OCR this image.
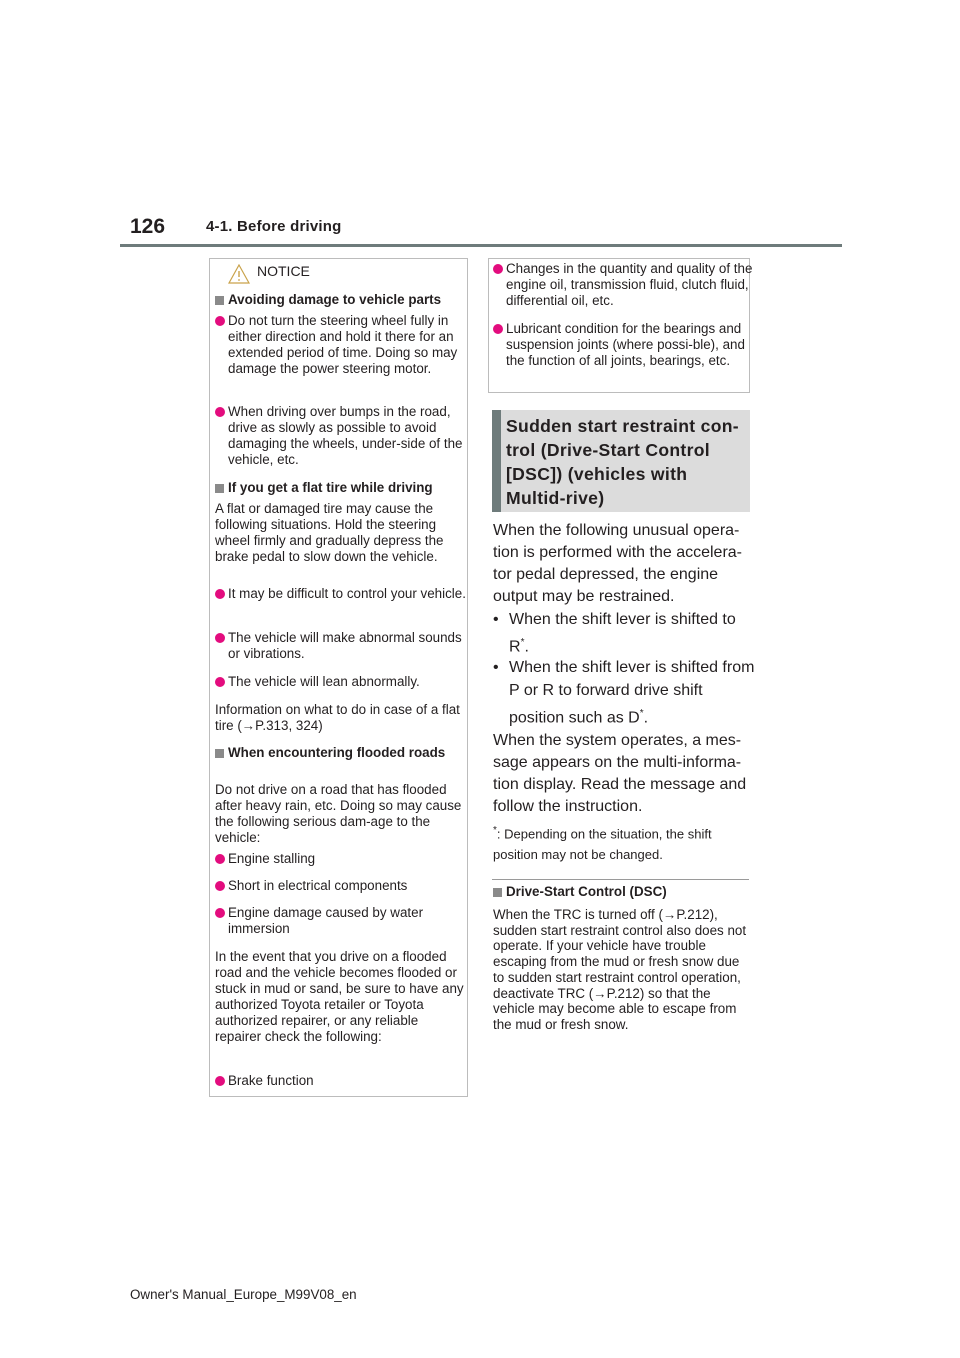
126	4-1. Before driving
NOTICE
Avoiding damage to vehicle parts
Do not turn the steering wheel fully in either direction and hold it there for an extended period of time. Doing so may damage the power steering motor.
When driving over bumps in the road, drive as slowly as possible to avoid damaging the wheels, under-side of the vehicle, etc.
If you get a flat tire while driving
A flat or damaged tire may cause the following situations. Hold the steering wheel firmly and gradually depress the brake pedal to slow down the vehicle.
It may be difficult to control your vehicle.
The vehicle will make abnormal sounds or vibrations.
The vehicle will lean abnormally.
Information on what to do in case of a flat tire (→P.313, 324)
When encountering flooded roads
Do not drive on a road that has flooded after heavy rain, etc. Doing so may cause the following serious dam-age to the vehicle:
Engine stalling
Short in electrical components
Engine damage caused by water immersion
In the event that you drive on a flooded road and the vehicle becomes flooded or stuck in mud or sand, be sure to have any authorized Toyota retailer or Toyota authorized repairer, or any reliable repairer check the following:
Brake function
Changes in the quantity and quality of the engine oil, transmission fluid, clutch fluid, differential oil, etc.
Lubricant condition for the bearings and suspension joints (where possi-ble), and the function of all joints, bearings, etc.
Sudden start restraint con-trol (Drive-Start Control [DSC]) (vehicles with Multid-rive)
When the following unusual opera-tion is performed with the accelera-tor pedal depressed, the engine output may be restrained.
• When the shift lever is shifted to R*.
• When the shift lever is shifted from P or R to forward drive shift position such as D*.
When the system operates, a mes-sage appears on the multi-informa-tion display. Read the message and follow the instruction.
*: Depending on the situation, the shift position may not be changed.
Drive-Start Control (DSC)
When the TRC is turned off (→P.212), sudden start restraint control also does not operate. If your vehicle have trouble escaping from the mud or fresh snow due to sudden start restraint control operation, deactivate TRC (→P.212) so that the vehicle may become able to escape from the mud or fresh snow.
Owner's Manual_Europe_M99V08_en
